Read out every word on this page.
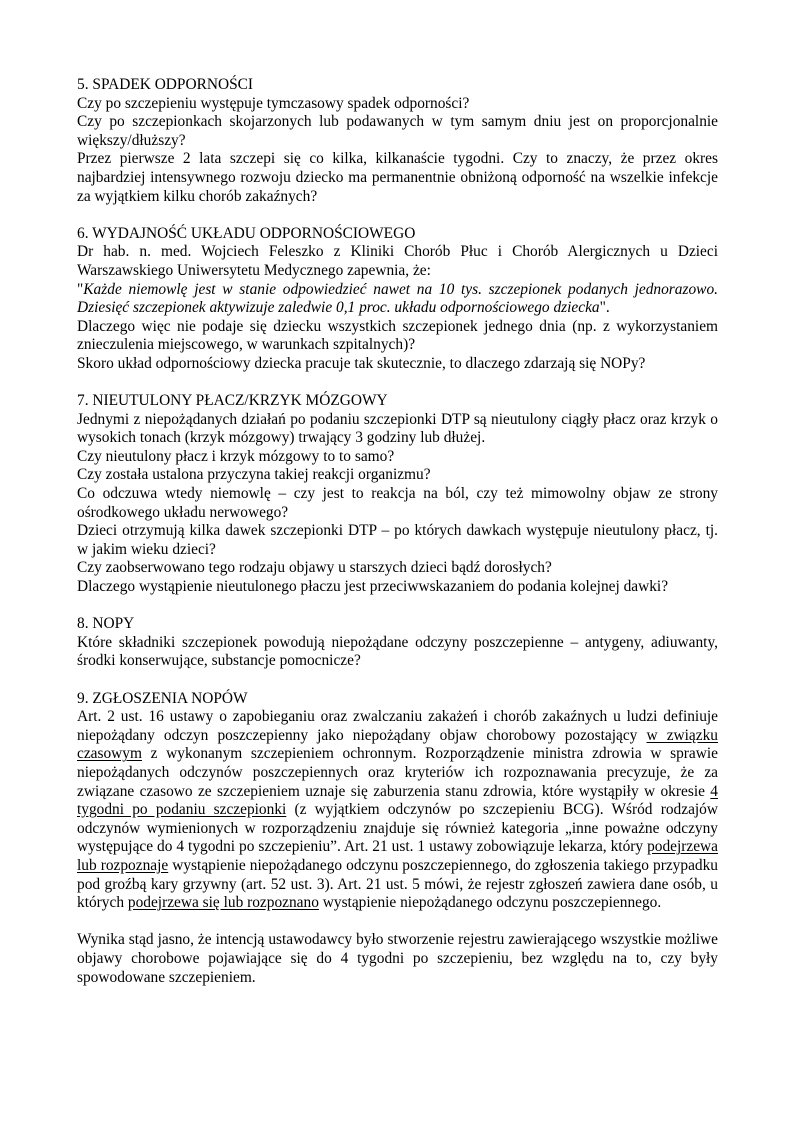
5. SPADEK ODPORNOŚCI

Czy po szczepieniu występuje tymczasowy spadek odporności?

Czy po szczepionkach skojarzonych lub podawanych w tym samym dniu jest on proporcjonalnie większy/dłuższy?

Przez pierwsze 2 lata szczepi się co kilka, kilkanaście tygodni. Czy to znaczy, że przez okres najbardziej intensywnego rozwoju dziecko ma permanentnie obniżoną odporność na wszelkie infekcje za wyjątkiem kilku chorób zakaźnych?

6. WYDAJNOŚĆ UKŁADU ODPORNOŚCIOWEGO

Dr hab. n. med. Wojciech Feleszko z Kliniki Chorób Płuc i Chorób Alergicznych u Dzieci Warszawskiego Uniwersytetu Medycznego zapewnia, że:

"Każde niemowlę jest w stanie odpowiedzieć nawet na 10 tys. szczepionek podanych jednorazowo. Dziesięć szczepionek aktywizuje zaledwie 0,1 proc. układu odpornościowego dziecka".

Dlaczego więc nie podaje się dziecku wszystkich szczepionek jednego dnia (np. z wykorzystaniem znieczulenia miejscowego, w warunkach szpitalnych)?

Skoro układ odpornościowy dziecka pracuje tak skutecznie, to dlaczego zdarzają się NOPy?

7. NIEUTULONY PŁACZ/KRZYK MÓZGOWY

Jednymi z niepożądanych działań po podaniu szczepionki DTP są nieutulony ciągły płacz oraz krzyk o wysokich tonach (krzyk mózgowy) trwający 3 godziny lub dłużej.

Czy nieutulony płacz i krzyk mózgowy to to samo?

Czy została ustalona przyczyna takiej reakcji organizmu?

Co odczuwa wtedy niemowlę – czy jest to reakcja na ból, czy też mimowolny objaw ze strony ośrodkowego układu nerwowego?

Dzieci otrzymują kilka dawek szczepionki DTP – po których dawkach występuje nieutulony płacz, tj. w jakim wieku dzieci?

Czy zaobserwowano tego rodzaju objawy u starszych dzieci bądź dorosłych?

Dlaczego wystąpienie nieutulonego płaczu jest przeciwwskazaniem do podania kolejnej dawki?

8. NOPY

Które składniki szczepionek powodują niepożądane odczyny poszczepienne – antygeny, adiuwanty, środki konserwujące, substancje pomocnicze?

9. ZGŁOSZENIA NOPÓW

Art. 2 ust. 16 ustawy o zapobieganiu oraz zwalczaniu zakażeń i chorób zakaźnych u ludzi definiuje niepożądany odczyn poszczepienny jako niepożądany objaw chorobowy pozostający w związku czasowym z wykonanym szczepieniem ochronnym. Rozporządzenie ministra zdrowia w sprawie niepożądanych odczynów poszczepiennych oraz kryteriów ich rozpoznawania precyzuje, że za związane czasowo ze szczepieniem uznaje się zaburzenia stanu zdrowia, które wystąpiły w okresie 4 tygodni po podaniu szczepionki (z wyjątkiem odczynów po szczepieniu BCG). Wśród rodzajów odczynów wymienionych w rozporządzeniu znajduje się również kategoria „inne poważne odczyny występujące do 4 tygodni po szczepieniu”. Art. 21 ust. 1 ustawy zobowiązuje lekarza, który podejrzewa lub rozpoznaje wystąpienie niepożądanego odczynu poszczepiennego, do zgłoszenia takiego przypadku pod groźbą kary grzywny (art. 52 ust. 3). Art. 21 ust. 5 mówi, że rejestr zgłoszeń zawiera dane osób, u których podejrzewa się lub rozpoznano wystąpienie niepożądanego odczynu poszczepiennego.

Wynika stąd jasno, że intencją ustawodawcy było stworzenie rejestru zawierającego wszystkie możliwe objawy chorobowe pojawiające się do 4 tygodni po szczepieniu, bez względu na to, czy były spowodowane szczepieniem.
